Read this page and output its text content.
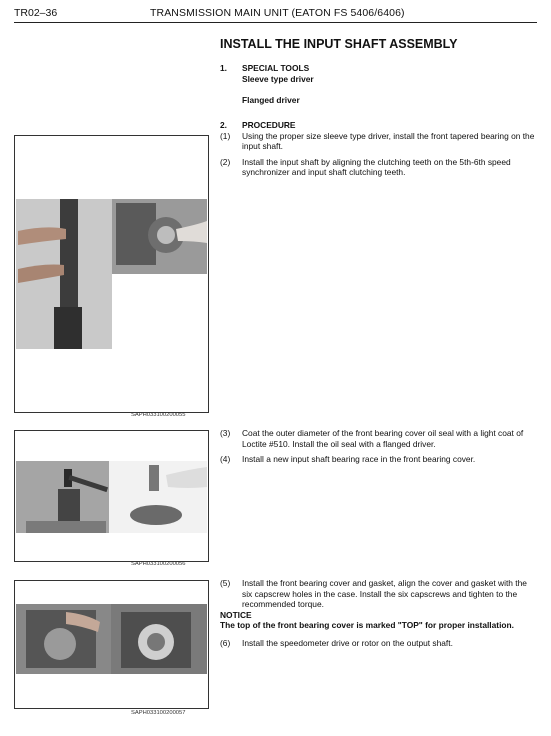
TR02–36	TRANSMISSION MAIN UNIT (EATON FS 5406/6406)
INSTALL THE INPUT SHAFT ASSEMBLY
1.	SPECIAL TOOLS
Sleeve type driver
Flanged driver
2.	PROCEDURE
(1)	Using the proper size sleeve type driver, install the front tapered bearing on the input shaft.
(2)	Install the input shaft by aligning the clutching teeth on the 5th-6th speed synchronizer and input shaft clutching teeth.
(3)	Coat the outer diameter of the front bearing cover oil seal with a light coat of Loctite #510. Install the oil seal with a flanged driver.
(4)	Install a new input shaft bearing race in the front bearing cover.
(5)	Install the front bearing cover and gasket, align the cover and gasket with the six capscrew holes in the case. Install the six capscrews and tighten to the recommended torque.
NOTICE
The top of the front bearing cover is marked "TOP" for proper installation.
(6)	Install the speedometer drive or rotor on the output shaft.
SAPH033100200055
SAPH033100200056
SAPH033100200057
